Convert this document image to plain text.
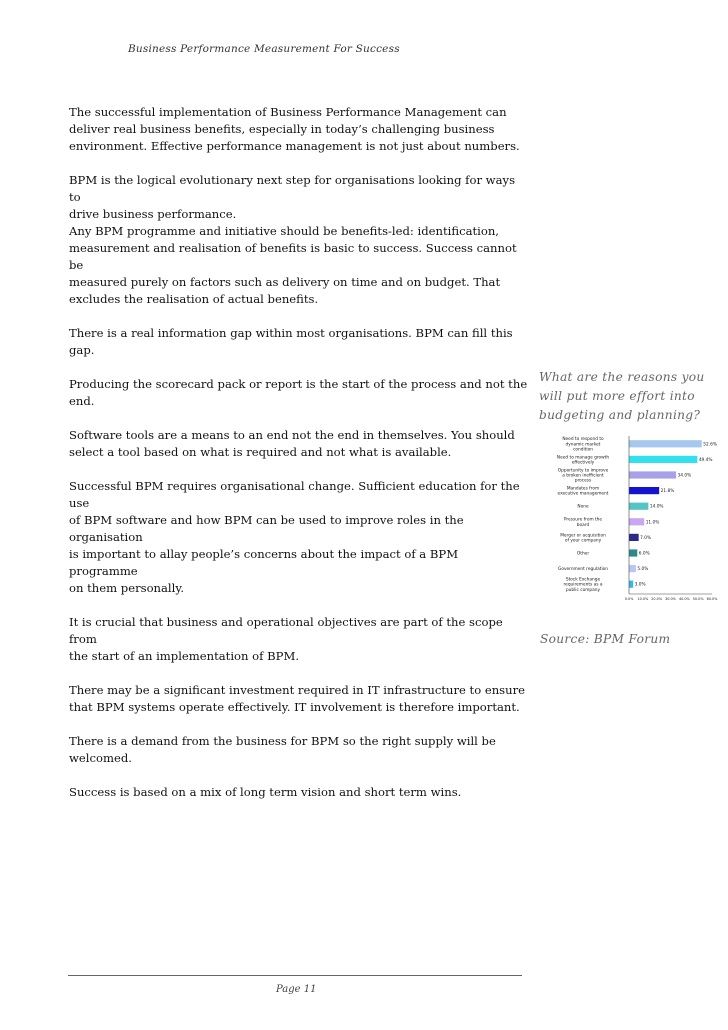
Business Performance Measurement For Success

The successful implementation of Business Performance Management can
deliver real business benefits, especially in today’s challenging business
environment. Effective performance management is not just about numbers.

BPM is the logical evolutionary next step for organisations looking for ways to
drive business performance.
Any BPM programme and initiative should be benefits-led: identification,
measurement and realisation of benefits is basic to success. Success cannot be
measured purely on factors such as delivery on time and on budget. That
excludes the realisation of actual benefits.

There is a real information gap within most organisations. BPM can fill this gap.

Producing the scorecard pack or report is the start of the process and not the
end.

Software tools are a means to an end not the end in themselves. You should
select a tool based on what is required and not what is available.

Successful BPM requires organisational change. Sufficient education for the use
of BPM software and how BPM can be used to improve roles in the organisation
is important to allay people’s concerns about the impact of a BPM programme
on them personally.

It is crucial that business and operational objectives are part of the scope from
the start of an implementation of BPM.

There may be a significant investment required in IT infrastructure to ensure
that BPM systems operate effectively. IT involvement is therefore important.

There is a demand from the business for BPM so the right supply will be
welcomed.

Success is based on a mix of long term vision and short term wins.

What are the reasons you will put more effort into budgeting and planning?
Need to respond to dynamic market condition
52.6%
Need to manage growth effectively
49.4%
Opportunity to improve a broken inefficient process
34.0%
Mandates from executive management
21.8%
None	14.0%
Pressure from the board
11.0%
Merger or acquisition of your company
7.0%
Other	6.0%
Government regulation	5.0%
Stock Exchange requirements as a public company
3.0%
0.0% 10.0% 20.0% 30.0% 40.0% 50.0% 60.0%
Source: BPM Forum
Page 11
